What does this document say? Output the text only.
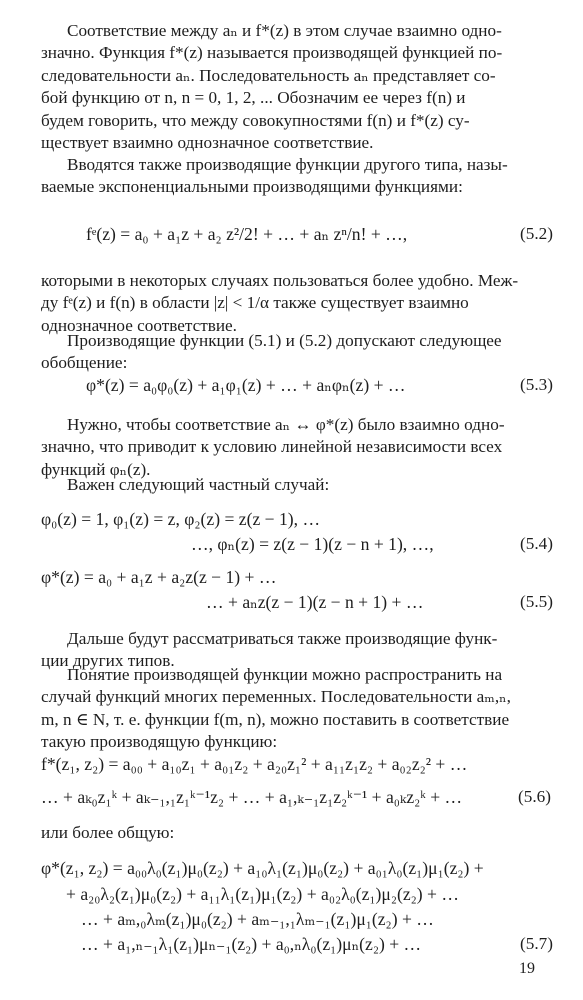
Соответствие между aₙ и f*(z) в этом случае взаимно одно-
значно. Функция f*(z) называется производящей функцией по-
следовательности aₙ. Последовательность aₙ представляет со-
бой функцию от n, n = 0, 1, 2, ... Обозначим ее через f(n) и
будем говорить, что между совокупностями f(n) и f*(z) су-
ществует взаимно однозначное соответствие.

Вводятся также производящие функции другого типа, назы-
ваемые экспоненциальными производящими функциями:

fᵉ(z) = a₀ + a₁z + a₂ z²/2! + … + aₙ zⁿ/n! + …,	(5.2)

которыми в некоторых случаях пользоваться более удобно. Меж-
ду fᵉ(z) и f(n) в области |z| < 1/α также существует взаимно
однозначное соответствие.

Производящие функции (5.1) и (5.2) допускают следующее
обобщение:

φ*(z) = a₀φ₀(z) + a₁φ₁(z) + … + aₙφₙ(z) + …	(5.3)

Нужно, чтобы соответствие aₙ ↔ φ*(z) было взаимно одно-
значно, что приводит к условию линейной независимости всех
функций φₙ(z).

Важен следующий частный случай:

φ₀(z) = 1, φ₁(z) = z, φ₂(z) = z(z − 1), …
…, φₙ(z) = z(z − 1)(z − n + 1), …,	(5.4)
φ*(z) = a₀ + a₁z + a₂z(z − 1) + …
… + aₙz(z − 1)(z − n + 1) + …	(5.5)

Дальше будут рассматриваться также производящие функ-
ции других типов.

Понятие производящей функции можно распространить на
случай функций многих переменных. Последовательности aₘ,ₙ,
m, n ∈ N, т. е. функции f(m, n), можно поставить в соответствие
такую производящую функцию:

f*(z₁, z₂) = a₀₀ + a₁₀z₁ + a₀₁z₂ + a₂₀z₁² + a₁₁z₁z₂ + a₀₂z₂² + …
… + aₖ₀z₁ᵏ + aₖ₋₁,₁z₁ᵏ⁻¹z₂ + … + a₁,ₖ₋₁z₁z₂ᵏ⁻¹ + a₀ₖz₂ᵏ + …	(5.6)

или более общую:

φ*(z₁, z₂) = a₀₀λ₀(z₁)μ₀(z₂) + a₁₀λ₁(z₁)μ₀(z₂) + a₀₁λ₀(z₁)μ₁(z₂) +
+ a₂₀λ₂(z₁)μ₀(z₂) + a₁₁λ₁(z₁)μ₁(z₂) + a₀₂λ₀(z₁)μ₂(z₂) + …
… + aₘ,₀λₘ(z₁)μ₀(z₂) + aₘ₋₁,₁λₘ₋₁(z₁)μ₁(z₂) + …
… + a₁,ₙ₋₁λ₁(z₁)μₙ₋₁(z₂) + a₀,ₙλ₀(z₁)μₙ(z₂) + …	(5.7)
19
